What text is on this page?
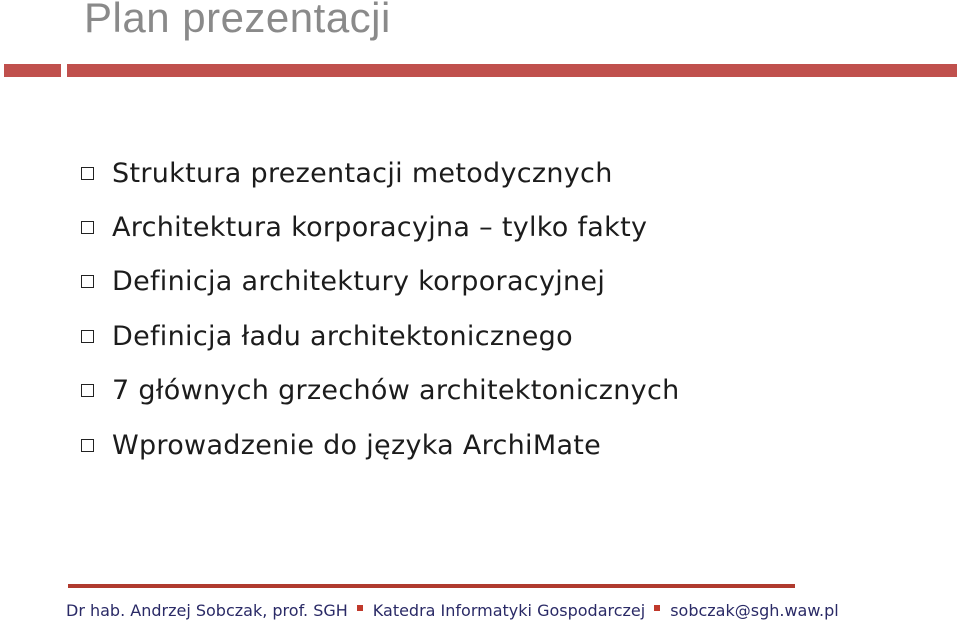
Plan prezentacji
Struktura prezentacji metodycznych
Architektura korporacyjna – tylko fakty
Definicja architektury korporacyjnej
Definicja ładu architektonicznego
7 głównych grzechów architektonicznych
Wprowadzenie do języka ArchiMate
Dr hab. Andrzej Sobczak, prof. SGH Katedra Informatyki Gospodarczej sobczak@sgh.waw.pl
